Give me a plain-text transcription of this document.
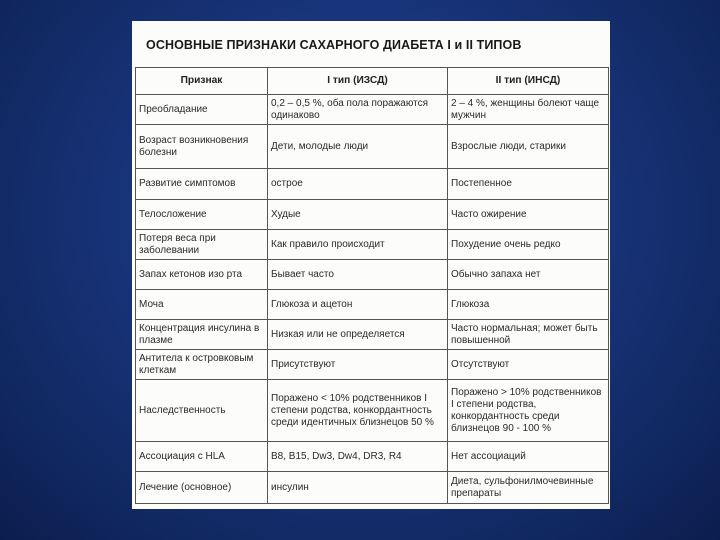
ОСНОВНЫЕ ПРИЗНАКИ САХАРНОГО ДИАБЕТА I и II ТИПОВ
Признак	I тип (ИЗСД)	II тип (ИНСД)
Преобладание	0,2 – 0,5 %, оба пола поражаются одинаково	2 – 4 %, женщины болеют чаще мужчин
Возраст возникновения болезни	Дети, молодые люди	Взрослые люди, старики
Развитие симптомов	острое	Постепенное
Телосложение	Худые	Часто ожирение
Потеря веса при заболевании	Как правило происходит	Похудение очень редко
Запах кетонов изо рта	Бывает часто	Обычно запаха нет
Моча	Глюкоза и ацетон	Глюкоза
Концентрация инсулина в плазме	Низкая или не определяется	Часто нормальная; может быть повышенной
Антитела к островковым клеткам	Присутствуют	Отсутствуют
Наследственность	Поражено < 10% родственников I степени родства, конкордантность среди идентичных близнецов 50 %	Поражено > 10% родственников I степени родства, конкордантность среди близнецов 90 - 100 %
Ассоциация с HLA	B8, B15, Dw3, Dw4, DR3, R4	Нет ассоциаций
Лечение (основное)	инсулин	Диета, сульфонилмочевинные препараты
